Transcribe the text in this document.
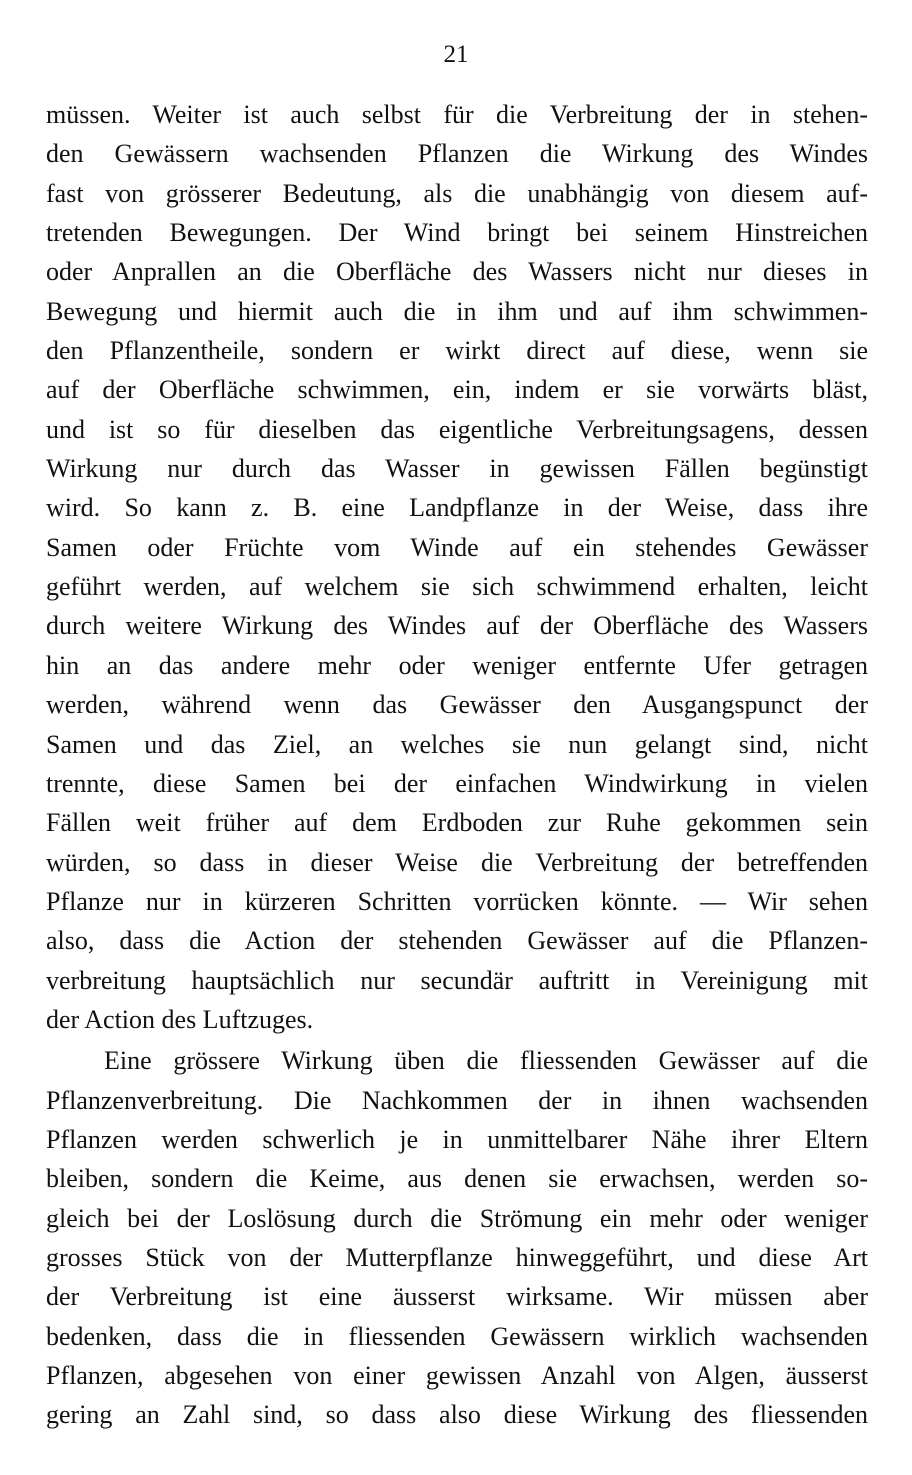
21
müssen. Weiter ist auch selbst für die Verbreitung der in stehen-
den Gewässern wachsenden Pflanzen die Wirkung des Windes
fast von grösserer Bedeutung, als die unabhängig von diesem auf-
tretenden Bewegungen. Der Wind bringt bei seinem Hinstreichen
oder Anprallen an die Oberfläche des Wassers nicht nur dieses in
Bewegung und hiermit auch die in ihm und auf ihm schwimmen-
den Pflanzentheile, sondern er wirkt direct auf diese, wenn sie
auf der Oberfläche schwimmen, ein, indem er sie vorwärts bläst,
und ist so für dieselben das eigentliche Verbreitungsagens, dessen
Wirkung nur durch das Wasser in gewissen Fällen begünstigt
wird. So kann z. B. eine Landpflanze in der Weise, dass ihre
Samen oder Früchte vom Winde auf ein stehendes Gewässer
geführt werden, auf welchem sie sich schwimmend erhalten, leicht
durch weitere Wirkung des Windes auf der Oberfläche des Wassers
hin an das andere mehr oder weniger entfernte Ufer getragen
werden, während wenn das Gewässer den Ausgangspunct der
Samen und das Ziel, an welches sie nun gelangt sind, nicht
trennte, diese Samen bei der einfachen Windwirkung in vielen
Fällen weit früher auf dem Erdboden zur Ruhe gekommen sein
würden, so dass in dieser Weise die Verbreitung der betreffenden
Pflanze nur in kürzeren Schritten vorrücken könnte. — Wir sehen
also, dass die Action der stehenden Gewässer auf die Pflanzen-
verbreitung hauptsächlich nur secundär auftritt in Vereinigung mit
der Action des Luftzuges.
Eine grössere Wirkung üben die fliessenden Gewässer auf die
Pflanzenverbreitung. Die Nachkommen der in ihnen wachsenden
Pflanzen werden schwerlich je in unmittelbarer Nähe ihrer Eltern
bleiben, sondern die Keime, aus denen sie erwachsen, werden so-
gleich bei der Loslösung durch die Strömung ein mehr oder weniger
grosses Stück von der Mutterpflanze hinweggeführt, und diese Art
der Verbreitung ist eine äusserst wirksame. Wir müssen aber
bedenken, dass die in fliessenden Gewässern wirklich wachsenden
Pflanzen, abgesehen von einer gewissen Anzahl von Algen, äusserst
gering an Zahl sind, so dass also diese Wirkung des fliessenden
